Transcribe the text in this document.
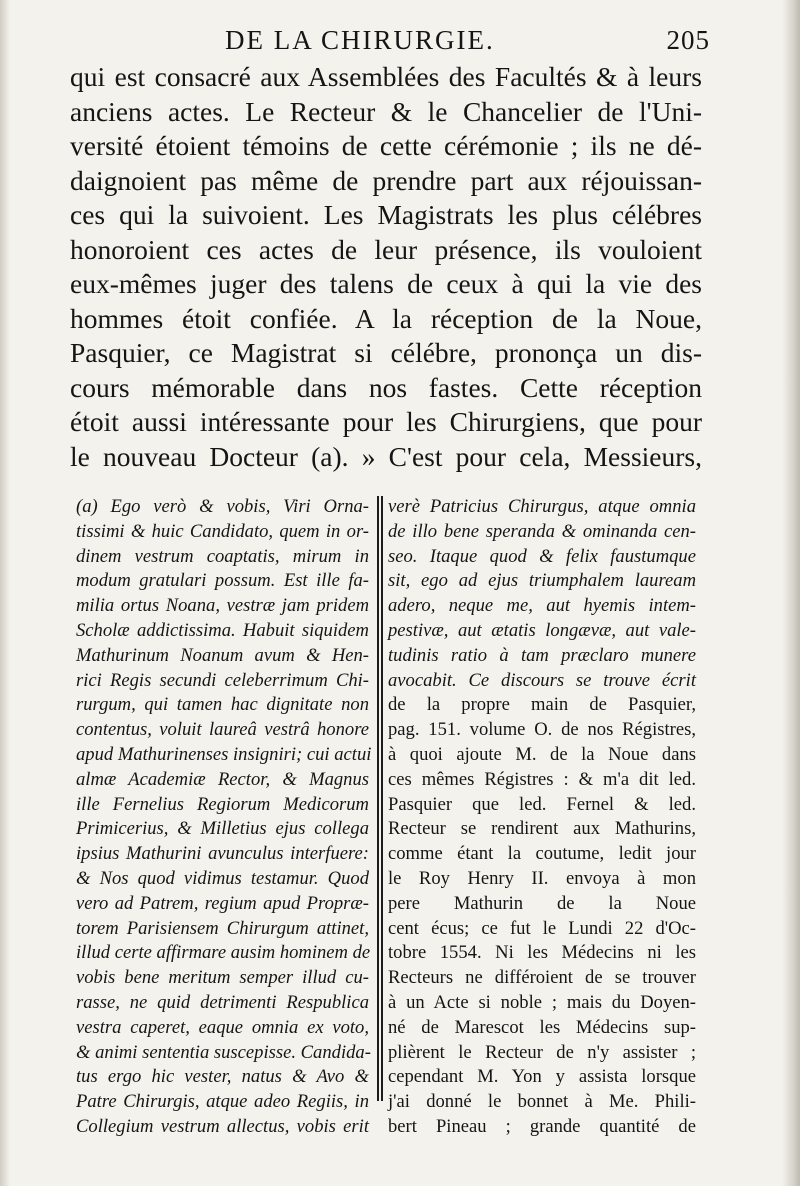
DE LA CHIRURGIE.	205
qui est consacré aux Assemblées des Facultés & à leurs
anciens actes. Le Recteur & le Chancelier de l'Uni-
versité étoient témoins de cette cérémonie ; ils ne dé-
daignoient pas même de prendre part aux réjouissan-
ces qui la suivoient. Les Magistrats les plus célébres
honoroient ces actes de leur présence, ils vouloient
eux-mêmes juger des talens de ceux à qui la vie des
hommes étoit confiée. A la réception de la Noue,
Pasquier, ce Magistrat si célébre, prononça un dis-
cours mémorable dans nos fastes. Cette réception
étoit aussi intéressante pour les Chirurgiens, que pour
le nouveau Docteur (a). » C'est pour cela, Messieurs,
(a) Ego verò & vobis, Viri Orna-
tissimi & huic Candidato, quem in or-
dinem vestrum coaptatis, mirum in
modum gratulari possum. Est ille fa-
milia ortus Noana, vestræ jam pridem
Scholæ addictissima. Habuit siquidem
Mathurinum Noanum avum & Hen-
rici Regis secundi celeberrimum Chi-
rurgum, qui tamen hac dignitate non
contentus, voluit laureâ vestrâ honore
apud Mathurinenses insigniri; cui actui
almæ Academiæ Rector, & Magnus
ille Fernelius Regiorum Medicorum
Primicerius, & Milletius ejus collega
ipsius Mathurini avunculus interfuere:
& Nos quod vidimus testamur. Quod
vero ad Patrem, regium apud Propræ-
torem Parisiensem Chirurgum attinet,
illud certe affirmare ausim hominem de
vobis bene meritum semper illud cu-
rasse, ne quid detrimenti Respublica
vestra caperet, eaque omnia ex voto,
& animi sententia suscepisse. Candida-
tus ergo hic vester, natus & Avo &
Patre Chirurgis, atque adeo Regiis, in
Collegium vestrum allectus, vobis erit
verè Patricius Chirurgus, atque omnia
de illo bene speranda & ominanda cen-
seo. Itaque quod & felix faustumque
sit, ego ad ejus triumphalem lauream
adero, neque me, aut hyemis intem-
pestivæ, aut ætatis longævæ, aut vale-
tudinis ratio à tam præclaro munere
avocabit. Ce discours se trouve écrit
de la propre main de Pasquier,
pag. 151. volume O. de nos Régistres,
à quoi ajoute M. de la Noue dans
ces mêmes Régistres : & m'a dit led.
Pasquier que led. Fernel & led.
Recteur se rendirent aux Mathurins,
comme étant la coutume, ledit jour
le Roy Henry II. envoya à mon
pere Mathurin de la Noue
cent écus; ce fut le Lundi 22 d'Oc-
tobre 1554. Ni les Médecins ni les
Recteurs ne différoient de se trouver
à un Acte si noble ; mais du Doyen-
né de Marescot les Médecins sup-
plièrent le Recteur de n'y assister ;
cependant M. Yon y assista lorsque
j'ai donné le bonnet à Me. Phili-
bert Pineau ; grande quantité de
